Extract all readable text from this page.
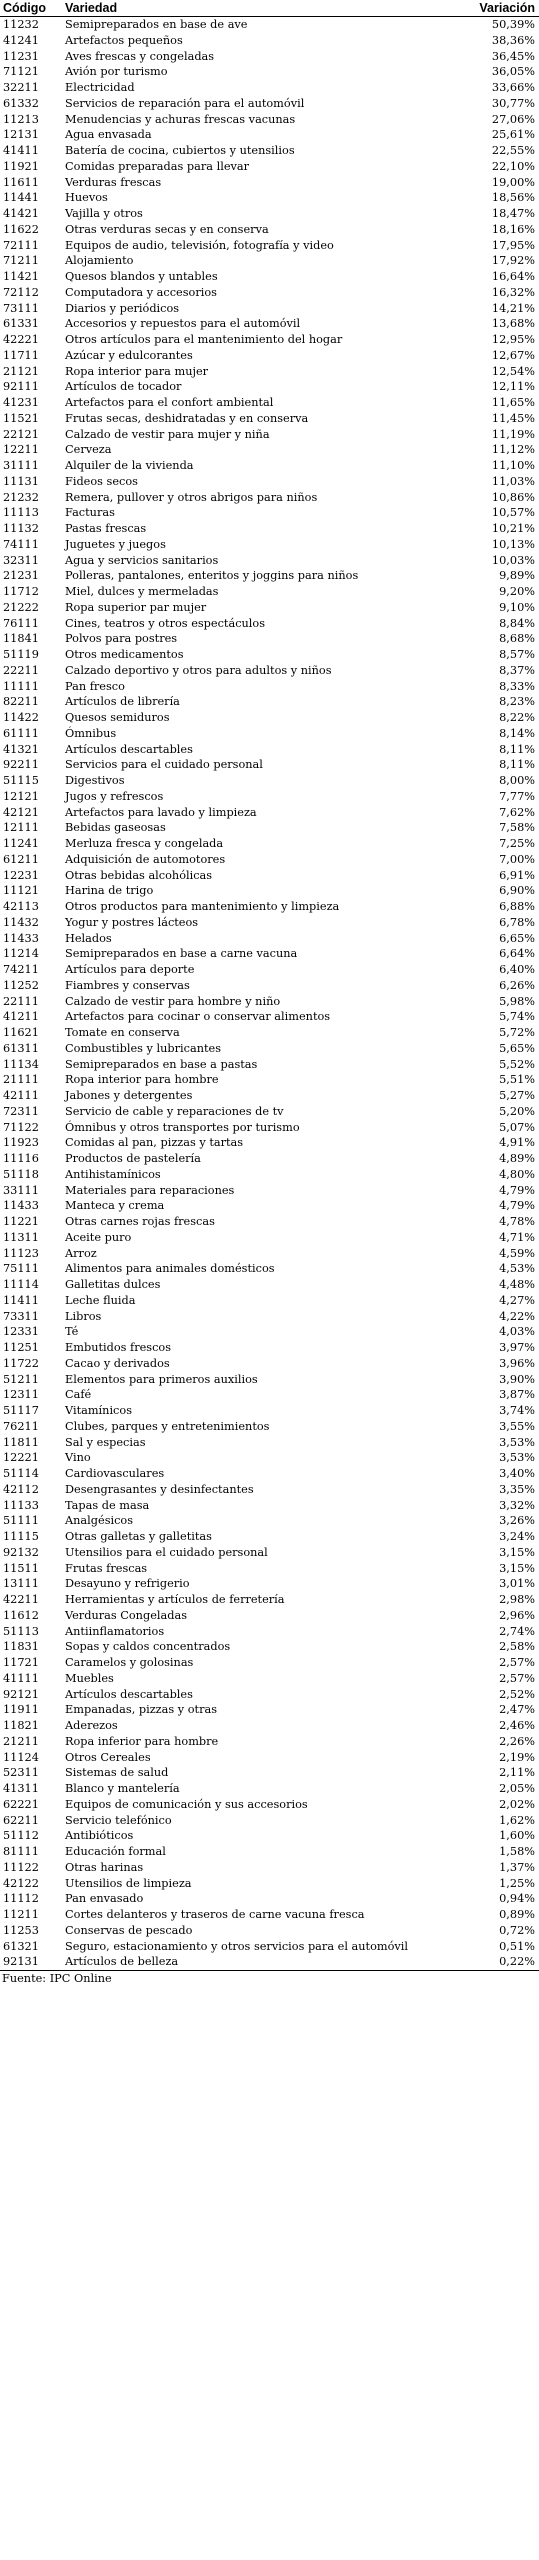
Código	Variedad	Variación
11232	Semipreparados en base de ave	50,39%
41241	Artefactos pequeños	38,36%
11231	Aves frescas y congeladas	36,45%
71121	Avión por turismo	36,05%
32211	Electricidad	33,66%
61332	Servicios de reparación para el automóvil	30,77%
11213	Menudencias y achuras frescas vacunas	27,06%
12131	Agua envasada	25,61%
41411	Batería de cocina, cubiertos y utensilios	22,55%
11921	Comidas preparadas para llevar	22,10%
11611	Verduras frescas	19,00%
11441	Huevos	18,56%
41421	Vajilla y otros	18,47%
11622	Otras verduras secas y en conserva	18,16%
72111	Equipos de audio, televisión, fotografía y video	17,95%
71211	Alojamiento	17,92%
11421	Quesos blandos y untables	16,64%
72112	Computadora y accesorios	16,32%
73111	Diarios y periódicos	14,21%
61331	Accesorios y repuestos para el automóvil	13,68%
42221	Otros artículos para el mantenimiento del hogar	12,95%
11711	Azúcar y edulcorantes	12,67%
21121	Ropa interior para mujer	12,54%
92111	Artículos de tocador	12,11%
41231	Artefactos para el confort ambiental	11,65%
11521	Frutas secas, deshidratadas y en conserva	11,45%
22121	Calzado de vestir para mujer y niña	11,19%
12211	Cerveza	11,12%
31111	Alquiler de la vivienda	11,10%
11131	Fideos secos	11,03%
21232	Remera, pullover y otros abrigos para niños	10,86%
11113	Facturas	10,57%
11132	Pastas frescas	10,21%
74111	Juguetes y juegos	10,13%
32311	Agua y servicios sanitarios	10,03%
21231	Polleras, pantalones, enteritos y joggins para niños	9,89%
11712	Miel, dulces y mermeladas	9,20%
21222	Ropa superior par mujer	9,10%
76111	Cines, teatros y otros espectáculos	8,84%
11841	Polvos para postres	8,68%
51119	Otros medicamentos	8,57%
22211	Calzado deportivo y otros para adultos y niños	8,37%
11111	Pan fresco	8,33%
82211	Artículos de librería	8,23%
11422	Quesos semiduros	8,22%
61111	Ómnibus	8,14%
41321	Artículos descartables	8,11%
92211	Servicios para el cuidado personal	8,11%
51115	Digestivos	8,00%
12121	Jugos y refrescos	7,77%
42121	Artefactos para lavado y limpieza	7,62%
12111	Bebidas gaseosas	7,58%
11241	Merluza fresca y congelada	7,25%
61211	Adquisición de automotores	7,00%
12231	Otras bebidas alcohólicas	6,91%
11121	Harina de trigo	6,90%
42113	Otros productos para mantenimiento y limpieza	6,88%
11432	Yogur y postres lácteos	6,78%
11433	Helados	6,65%
11214	Semipreparados en base a carne vacuna	6,64%
74211	Artículos para deporte	6,40%
11252	Fiambres y conservas	6,26%
22111	Calzado de vestir para hombre y niño	5,98%
41211	Artefactos para cocinar o conservar alimentos	5,74%
11621	Tomate en conserva	5,72%
61311	Combustibles y lubricantes	5,65%
11134	Semipreparados en base a pastas	5,52%
21111	Ropa interior para hombre	5,51%
42111	Jabones y detergentes	5,27%
72311	Servicio de cable y reparaciones de tv	5,20%
71122	Ómnibus y otros transportes por turismo	5,07%
11923	Comidas al pan, pizzas y tartas	4,91%
11116	Productos de pastelería	4,89%
51118	Antihistamínicos	4,80%
33111	Materiales para reparaciones	4,79%
11433	Manteca y crema	4,79%
11221	Otras carnes rojas frescas	4,78%
11311	Aceite puro	4,71%
11123	Arroz	4,59%
75111	Alimentos para animales domésticos	4,53%
11114	Galletitas dulces	4,48%
11411	Leche fluida	4,27%
73311	Libros	4,22%
12331	Té	4,03%
11251	Embutidos frescos	3,97%
11722	Cacao y derivados	3,96%
51211	Elementos para primeros auxilios	3,90%
12311	Café	3,87%
51117	Vitamínicos	3,74%
76211	Clubes, parques y entretenimientos	3,55%
11811	Sal y especias	3,53%
12221	Vino	3,53%
51114	Cardiovasculares	3,40%
42112	Desengrasantes y desinfectantes	3,35%
11133	Tapas de masa	3,32%
51111	Analgésicos	3,26%
11115	Otras galletas y galletitas	3,24%
92132	Utensilios para el cuidado personal	3,15%
11511	Frutas frescas	3,15%
13111	Desayuno y refrigerio	3,01%
42211	Herramientas y artículos de ferretería	2,98%
11612	Verduras Congeladas	2,96%
51113	Antiinflamatorios	2,74%
11831	Sopas y caldos concentrados	2,58%
11721	Caramelos y golosinas	2,57%
41111	Muebles	2,57%
92121	Artículos descartables	2,52%
11911	Empanadas, pizzas y otras	2,47%
11821	Aderezos	2,46%
21211	Ropa inferior para hombre	2,26%
11124	Otros Cereales	2,19%
52311	Sistemas de salud	2,11%
41311	Blanco y mantelería	2,05%
62221	Equipos de comunicación y sus accesorios	2,02%
62211	Servicio telefónico	1,62%
51112	Antibióticos	1,60%
81111	Educación formal	1,58%
11122	Otras harinas	1,37%
42122	Utensilios de limpieza	1,25%
11112	Pan envasado	0,94%
11211	Cortes delanteros y traseros de carne vacuna fresca	0,89%
11253	Conservas de pescado	0,72%
61321	Seguro, estacionamiento y otros servicios para el automóvil	0,51%
92131	Artículos de belleza	0,22%
Fuente: IPC Online
